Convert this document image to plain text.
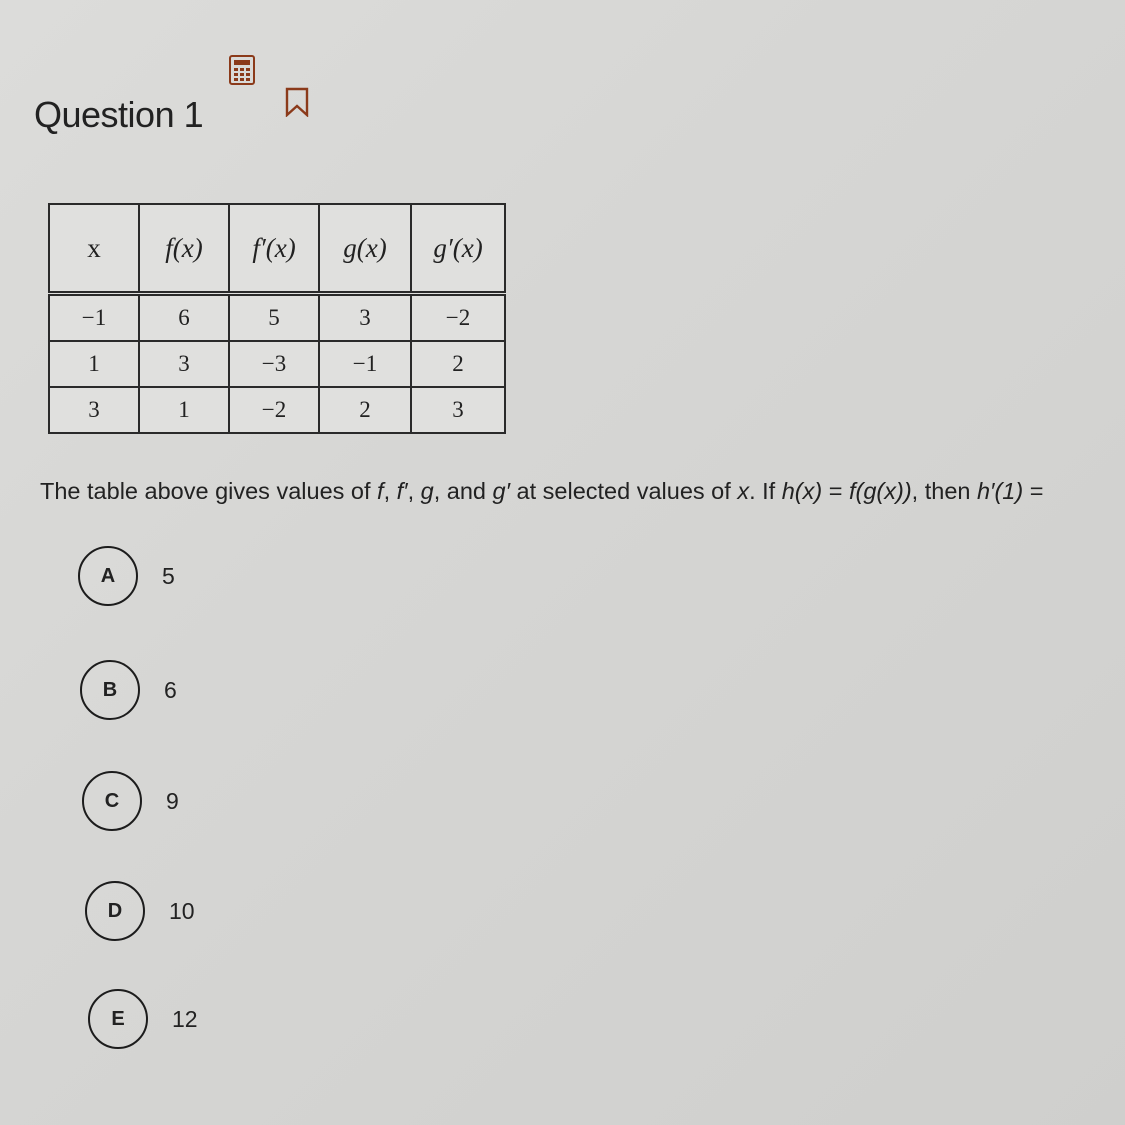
Question 1
x	f(x)	f′(x)	g(x)	g′(x)
−1	6	5	3	−2
1	3	−3	−1	2
3	1	−2	2	3
The table above gives values of f, f′, g, and g′ at selected values of x. If h(x) = f(g(x)), then h′(1) =
A	5
B	6
C	9
D	10
E	12
